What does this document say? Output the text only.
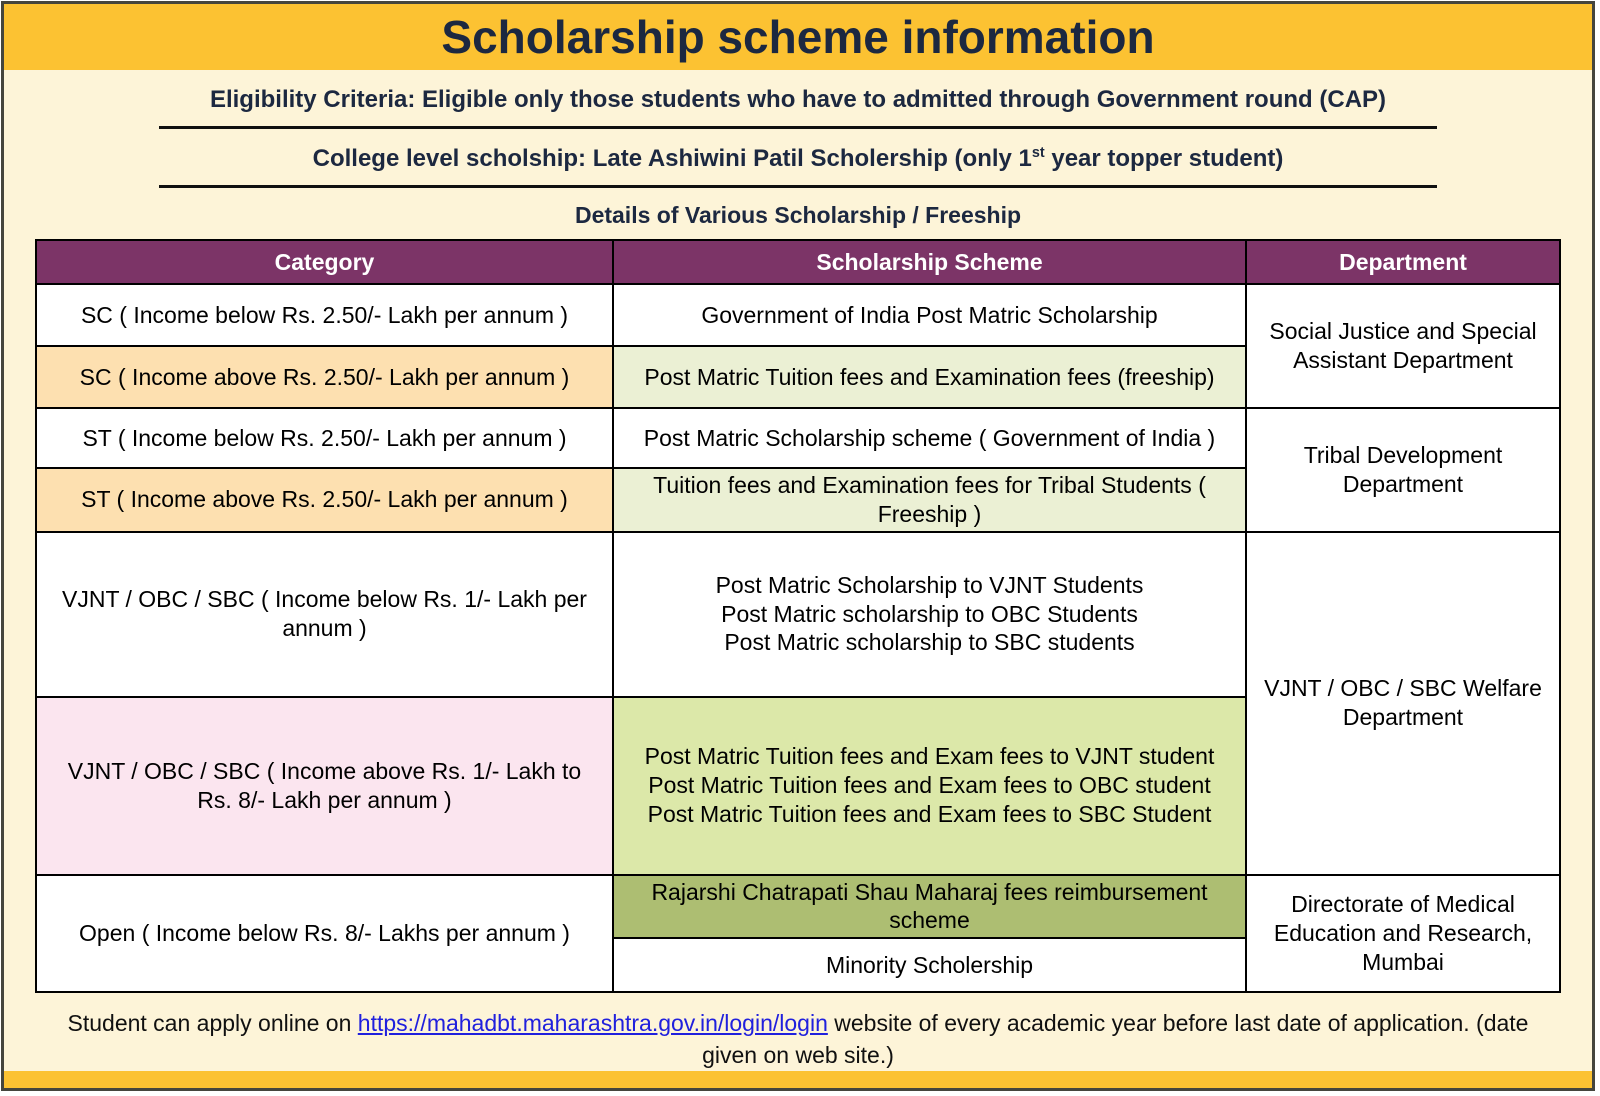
Scholarship scheme information
Eligibility Criteria: Eligible only those students who have to admitted through Government round (CAP)
College level scholship: Late Ashiwini Patil Scholership (only 1st year topper student)
Details of Various Scholarship / Freeship
Category	Scholarship Scheme	Department
SC ( Income below Rs. 2.50/- Lakh per annum )	Government of India Post Matric Scholarship	Social Justice and Special Assistant Department
SC ( Income above Rs. 2.50/- Lakh per annum )	Post Matric Tuition fees and Examination fees (freeship)	
ST ( Income below Rs. 2.50/- Lakh per annum )	Post Matric Scholarship scheme ( Government of India )	Tribal Development Department
ST ( Income above Rs. 2.50/- Lakh per annum )	Tuition fees and Examination fees for Tribal Students ( Freeship )	
VJNT / OBC / SBC ( Income below Rs. 1/- Lakh per annum )	Post Matric Scholarship to VJNT Students
Post Matric scholarship to OBC Students
Post Matric scholarship to SBC students	VJNT / OBC / SBC Welfare Department
VJNT / OBC / SBC ( Income above Rs. 1/- Lakh to Rs. 8/- Lakh per annum )	Post Matric Tuition fees and Exam fees to VJNT student
Post Matric Tuition fees and Exam fees to OBC student
Post Matric Tuition fees and Exam fees to SBC Student	

Open ( Income below Rs. 8/- Lakhs per annum )	Rajarshi Chatrapati Shau Maharaj fees reimbursement scheme	Directorate of Medical Education and Research, Mumbai
	Minority Scholership	
Student can apply online on https://mahadbt.maharashtra.gov.in/login/login website of every academic year before last date of application. (date given on web site.)
